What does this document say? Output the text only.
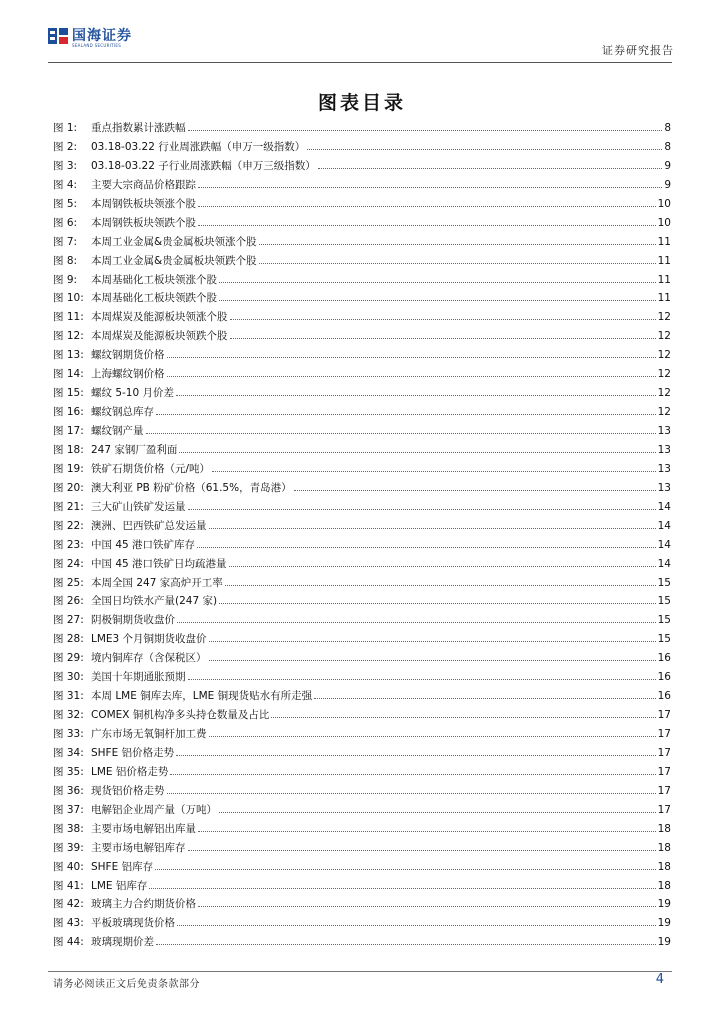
国海证券
SEALAND SECURITIES	证券研究报告
图表目录
图 1:	重点指数累计涨跌幅	8
图 2:	03.18-03.22 行业周涨跌幅（申万一级指数）	8
图 3:	03.18-03.22 子行业周涨跌幅（申万三级指数）	9
图 4:	主要大宗商品价格跟踪	9
图 5:	本周钢铁板块领涨个股	10
图 6:	本周钢铁板块领跌个股	10
图 7:	本周工业金属&贵金属板块领涨个股	11
图 8:	本周工业金属&贵金属板块领跌个股	11
图 9:	本周基础化工板块领涨个股	11
图 10: 本周基础化工板块领跌个股	11
图 11: 本周煤炭及能源板块领涨个股	12
图 12: 本周煤炭及能源板块领跌个股	12
图 13: 螺纹钢期货价格	12
图 14: 上海螺纹钢价格	12
图 15: 螺纹 5-10 月价差	12
图 16: 螺纹钢总库存	12
图 17: 螺纹钢产量	13
图 18: 247 家钢厂盈利面	13
图 19: 铁矿石期货价格（元/吨）	13
图 20: 澳大利亚 PB 粉矿价格（61.5%，青岛港）	13
图 21: 三大矿山铁矿发运量	14
图 22: 澳洲、巴西铁矿总发运量	14
图 23: 中国 45 港口铁矿库存	14
图 24: 中国 45 港口铁矿日均疏港量	14
图 25: 本周全国 247 家高炉开工率	15
图 26: 全国日均铁水产量(247 家)	15
图 27: 阴极铜期货收盘价	15
图 28: LME3 个月铜期货收盘价	15
图 29: 境内铜库存（含保税区）	16
图 30: 美国十年期通胀预期	16
图 31: 本周 LME 铜库去库，LME 铜现货贴水有所走强	16
图 32: COMEX 铜机构净多头持仓数量及占比	17
图 33: 广东市场无氧铜杆加工费	17
图 34: SHFE 铝价格走势	17
图 35: LME 铝价格走势	17
图 36: 现货铝价格走势	17
图 37: 电解铝企业周产量（万吨）	17
图 38: 主要市场电解铝出库量	18
图 39: 主要市场电解铝库存	18
图 40: SHFE 铝库存	18
图 41: LME 铝库存	18
图 42: 玻璃主力合约期货价格	19
图 43: 平板玻璃现货价格	19
图 44: 玻璃现期价差	19
请务必阅读正文后免责条款部分	4
